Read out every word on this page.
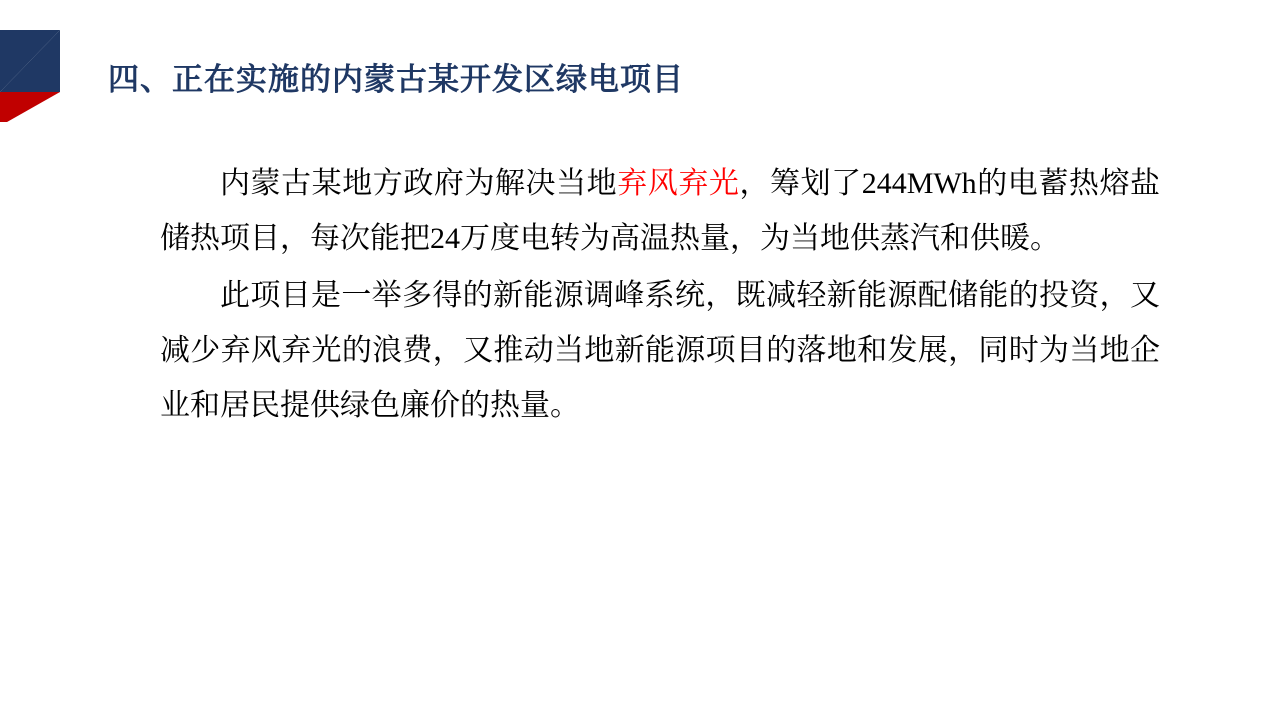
四、正在实施的内蒙古某开发区绿电项目

内蒙古某地方政府为解决当地弃风弃光，筹划了244MWh的电蓄热熔盐储热项目，每次能把24万度电转为高温热量，为当地供蒸汽和供暖。

此项目是一举多得的新能源调峰系统，既减轻新能源配储能的投资，又减少弃风弃光的浪费，又推动当地新能源项目的落地和发展，同时为当地企业和居民提供绿色廉价的热量。
